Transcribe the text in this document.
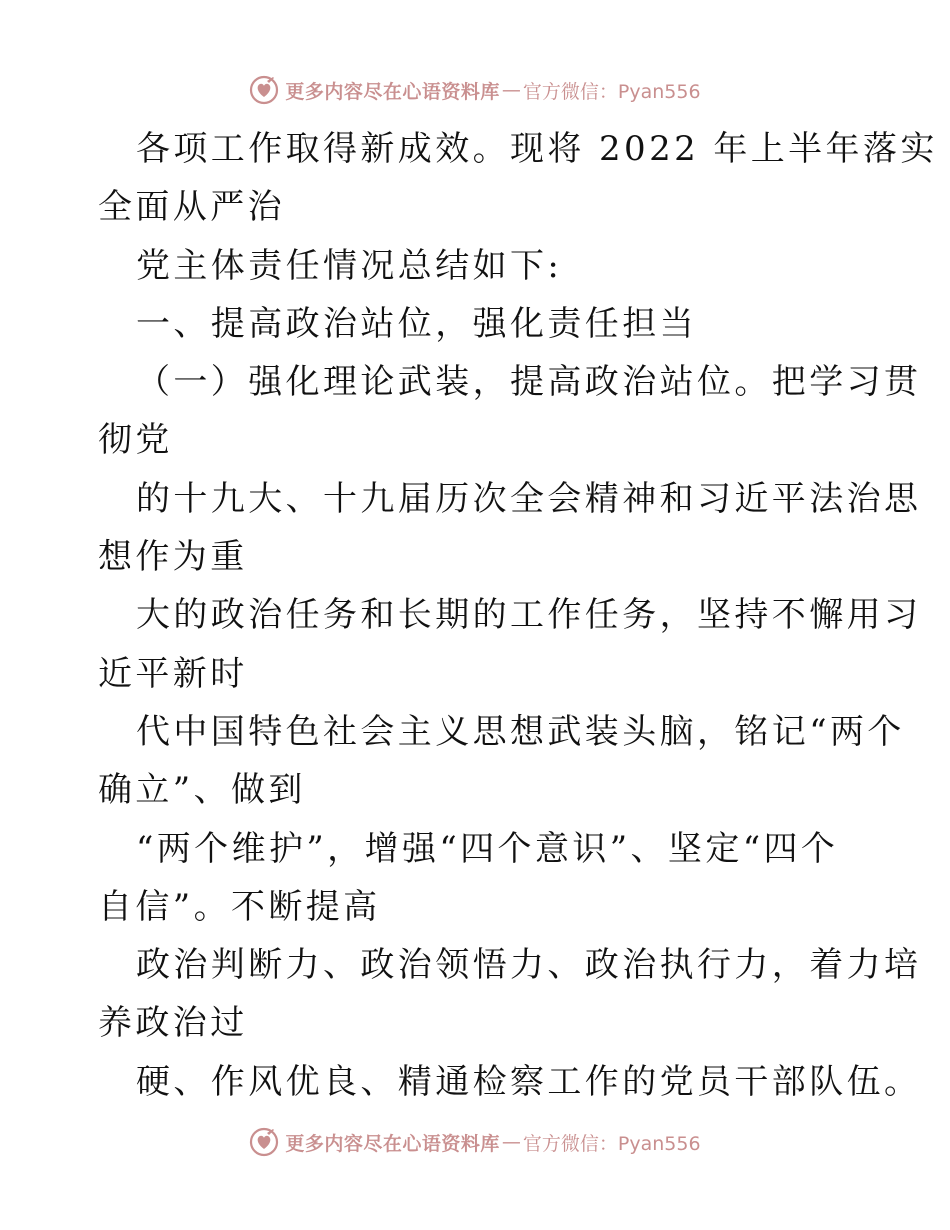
更多内容尽在心语资料库 — 官方微信：Pyan556
各项工作取得新成效。现将 2022 年上半年落实
全面从严治
党主体责任情况总结如下:
一、提高政治站位，强化责任担当
（一）强化理论武装，提高政治站位。把学习贯
彻党
的十九大、十九届历次全会精神和习近平法治思
想作为重
大的政治任务和长期的工作任务，坚持不懈用习
近平新时
代中国特色社会主义思想武装头脑，铭记“两个
确立”、做到
“两个维护”，增强“四个意识”、坚定“四个
自信”。不断提高
政治判断力、政治领悟力、政治执行力，着力培
养政治过
硬、作风优良、精通检察工作的党员干部队伍。
更多内容尽在心语资料库 — 官方微信：Pyan556
